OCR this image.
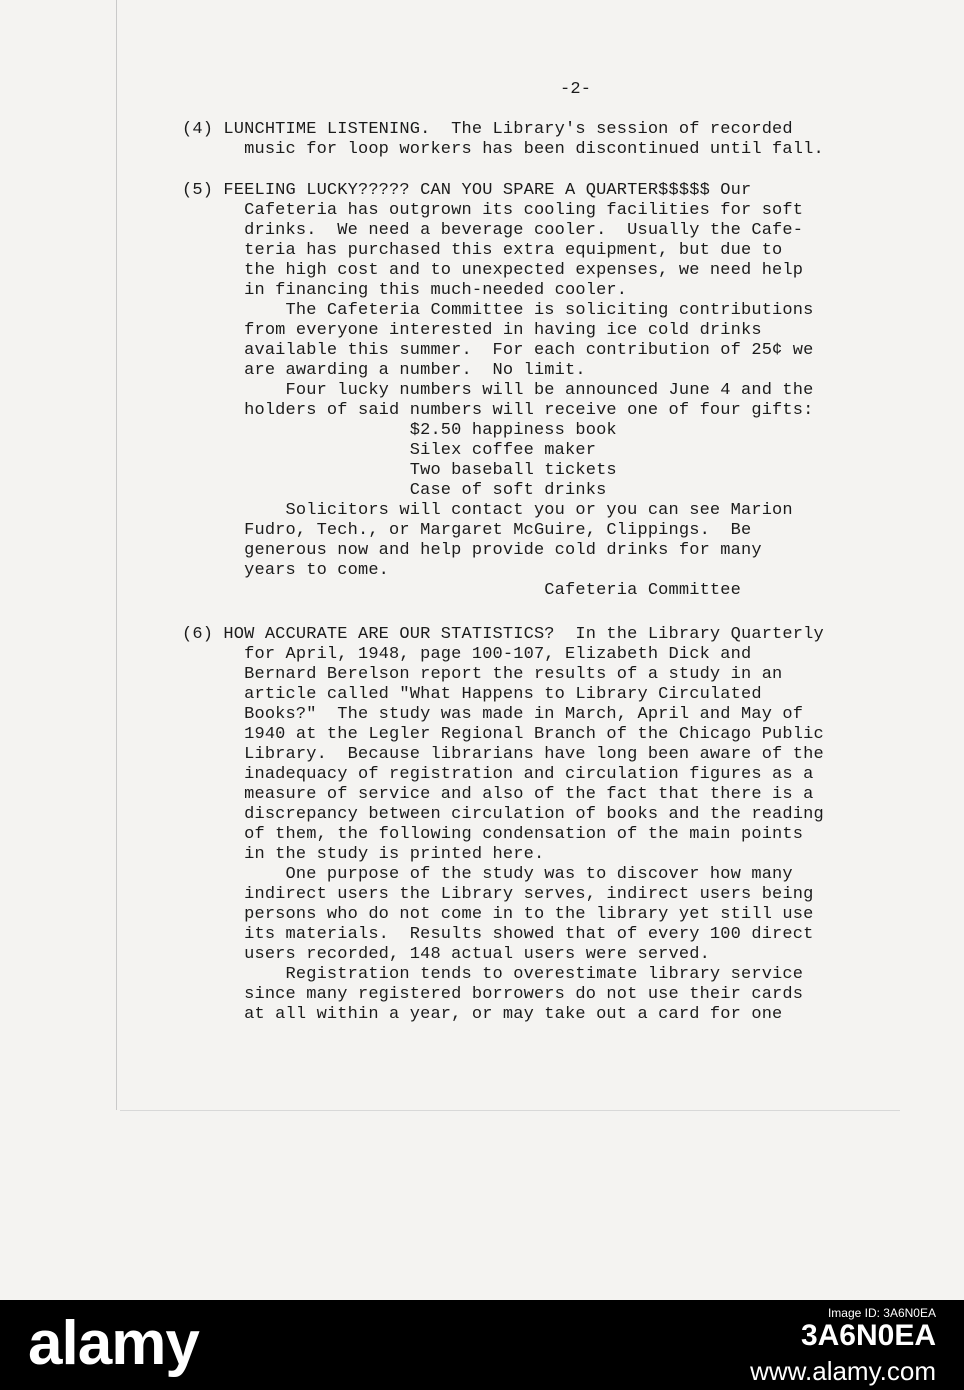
-2-
(4) LUNCHTIME LISTENING.  The Library's session of recorded
music for loop workers has been discontinued until fall.
(5) FEELING LUCKY????? CAN YOU SPARE A QUARTER$$$$$ Our
Cafeteria has outgrown its cooling facilities for soft
drinks.  We need a beverage cooler.  Usually the Cafe-
teria has purchased this extra equipment, but due to
the high cost and to unexpected expenses, we need help
in financing this much-needed cooler.
The Cafeteria Committee is soliciting contributions
from everyone interested in having ice cold drinks
available this summer.  For each contribution of 25¢ we
are awarding a number.  No limit.
Four lucky numbers will be announced June 4 and the
holders of said numbers will receive one of four gifts:
$2.50 happiness book
Silex coffee maker
Two baseball tickets
Case of soft drinks
Solicitors will contact you or you can see Marion
Fudro, Tech., or Margaret McGuire, Clippings.  Be
generous now and help provide cold drinks for many
years to come.
Cafeteria Committee
(6) HOW ACCURATE ARE OUR STATISTICS?  In the Library Quarterly
for April, 1948, page 100-107, Elizabeth Dick and
Bernard Berelson report the results of a study in an
article called "What Happens to Library Circulated
Books?"  The study was made in March, April and May of
1940 at the Legler Regional Branch of the Chicago Public
Library.  Because librarians have long been aware of the
inadequacy of registration and circulation figures as a
measure of service and also of the fact that there is a
discrepancy between circulation of books and the reading
of them, the following condensation of the main points
in the study is printed here.
One purpose of the study was to discover how many
indirect users the Library serves, indirect users being
persons who do not come in to the library yet still use
its materials.  Results showed that of every 100 direct
users recorded, 148 actual users were served.
Registration tends to overestimate library service
since many registered borrowers do not use their cards
at all within a year, or may take out a card for one
alamy	Image ID: 3A6N0EA
3A6N0EA
www.alamy.com
